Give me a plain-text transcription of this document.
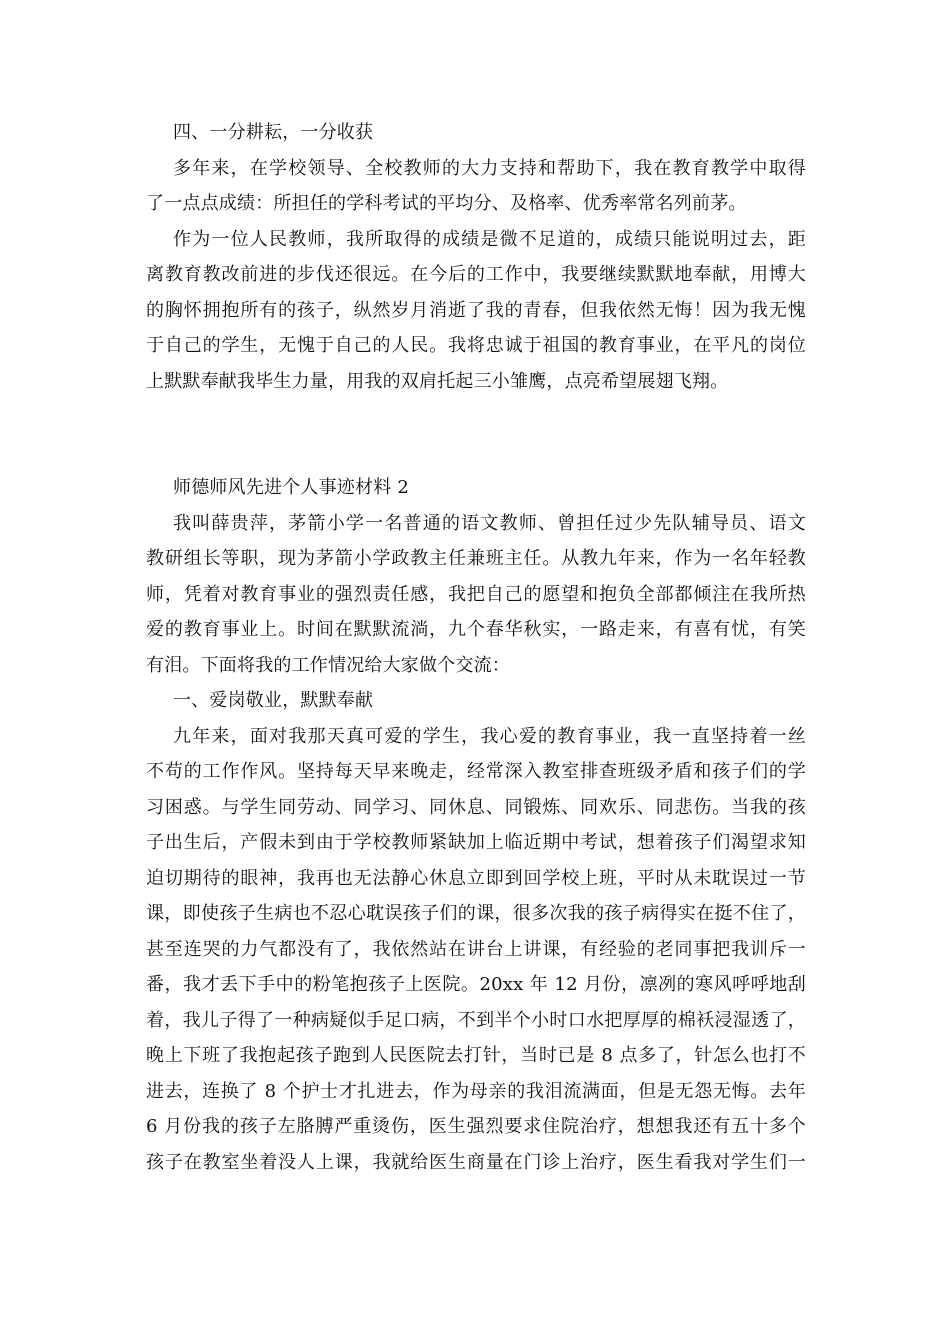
四、一分耕耘，一分收获
多年来，在学校领导、全校教师的大力支持和帮助下，我在教育教学中取得
了一点点成绩：所担任的学科考试的平均分、及格率、优秀率常名列前茅。
作为一位人民教师，我所取得的成绩是微不足道的，成绩只能说明过去，距
离教育教改前进的步伐还很远。在今后的工作中，我要继续默默地奉献，用博大
的胸怀拥抱所有的孩子，纵然岁月消逝了我的青春，但我依然无悔！因为我无愧
于自己的学生，无愧于自己的人民。我将忠诚于祖国的教育事业，在平凡的岗位
上默默奉献我毕生力量，用我的双肩托起三小雏鹰，点亮希望展翅飞翔。
师德师风先进个人事迹材料 2
我叫薛贵萍，茅箭小学一名普通的语文教师、曾担任过少先队辅导员、语文
教研组长等职，现为茅箭小学政教主任兼班主任。从教九年来，作为一名年轻教
师，凭着对教育事业的强烈责任感，我把自己的愿望和抱负全部都倾注在我所热
爱的教育事业上。时间在默默流淌，九个春华秋实，一路走来，有喜有忧，有笑
有泪。下面将我的工作情况给大家做个交流：
一、爱岗敬业，默默奉献
九年来，面对我那天真可爱的学生，我心爱的教育事业，我一直坚持着一丝
不苟的工作作风。坚持每天早来晚走，经常深入教室排查班级矛盾和孩子们的学
习困惑。与学生同劳动、同学习、同休息、同锻炼、同欢乐、同悲伤。当我的孩
子出生后，产假未到由于学校教师紧缺加上临近期中考试，想着孩子们渴望求知
迫切期待的眼神，我再也无法静心休息立即到回学校上班，平时从未耽误过一节
课，即使孩子生病也不忍心耽误孩子们的课，很多次我的孩子病得实在挺不住了，
甚至连哭的力气都没有了，我依然站在讲台上讲课，有经验的老同事把我训斥一
番，我才丢下手中的粉笔抱孩子上医院。20xx 年 12 月份，凛冽的寒风呼呼地刮
着，我儿子得了一种病疑似手足口病，不到半个小时口水把厚厚的棉袄浸湿透了，
晚上下班了我抱起孩子跑到人民医院去打针，当时已是 8 点多了，针怎么也打不
进去，连换了 8 个护士才扎进去，作为母亲的我泪流满面，但是无怨无悔。去年
6 月份我的孩子左胳膊严重烫伤，医生强烈要求住院治疗，想想我还有五十多个
孩子在教室坐着没人上课，我就给医生商量在门诊上治疗，医生看我对学生们一
